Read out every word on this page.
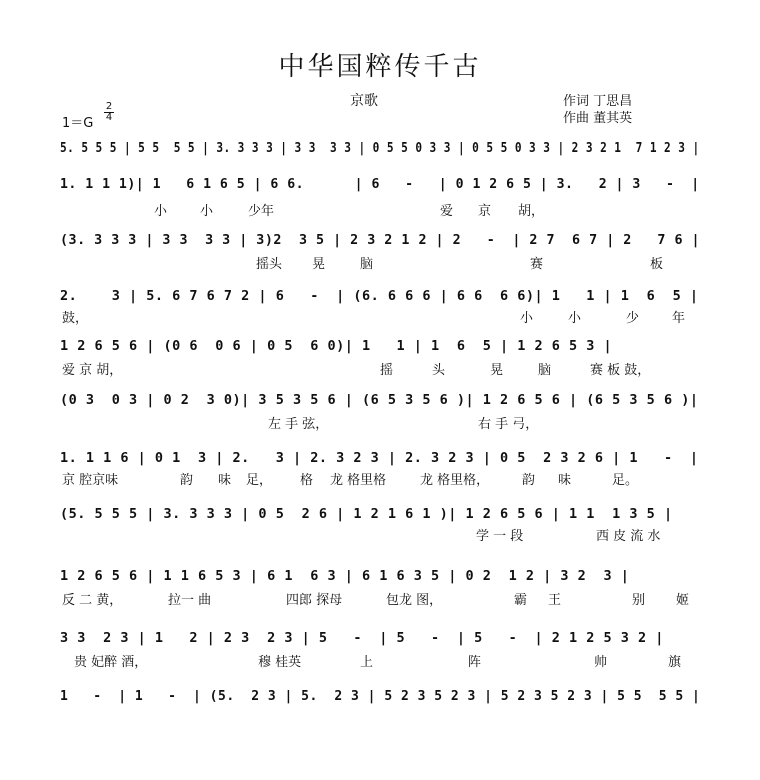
中华国粹传千古
京歌	作词 丁思昌
作曲 董其英
1＝G
2
4
5. 5 5 5 | 5 5  5 5 | 3. 3 3 3 | 3 3  3 3 | 0 5 5 0 3 3 | 0 5 5 0 3 3 | 2 3 2 1  7 1 2 3 |
1. 1 1 1)| 1   6 1 6 5 | 6 6.      | 6   -   | 0 1 2 6 5 | 3.   2 | 3   -  |
(3. 3 3 3 | 3 3  3 3 | 3)2  3 5 | 2 3 2 1 2 | 2   -  | 2 7  6 7 | 2   7 6 |
2.    3 | 5. 6 7 6 7 2 | 6   -  | (6. 6 6 6 | 6 6  6 6)| 1   1 | 1  6  5 |
1 2 6 5 6 | (0 6  0 6 | 0 5  6 0)| 1   1 | 1  6  5 | 1 2 6 5 3 |
(0 3  0 3 | 0 2  3 0)| 3 5 3 5 6 | (6 5 3 5 6 )| 1 2 6 5 6 | (6 5 3 5 6 )|
1. 1 1 6 | 0 1  3 | 2.   3 | 2. 3 2 3 | 2. 3 2 3 | 0 5  2 3 2 6 | 1   -  |
(5. 5 5 5 | 3. 3 3 3 | 0 5  2 6 | 1 2 1 6 1 )| 1 2 6 5 6 | 1 1  1 3 5 |
1 2 6 5 6 | 1 1 6 5 3 | 6 1  6 3 | 6 1 6 3 5 | 0 2  1 2 | 3 2  3 |
3 3  2 3 | 1   2 | 2 3  2 3 | 5   -  | 5   -  | 5   -  | 2 1 2 5 3 2 |
1   -  | 1   -  | (5.  2 3 | 5.  2 3 | 5 2 3 5 2 3 | 5 2 3 5 2 3 | 5 5  5 5 |

小

	小

	少年

	爱

京

胡，

摇头

晃

	脑

	赛

	板

鼓，

	小

	小

	少

	年

爱 京 胡，

	摇

	头

	晃

	脑

	赛 板 鼓，

左 手 弦，

	右 手 弓，

京 腔京味

	韵

味

足，

格

龙 格里格

	龙 格里格，

	韵

味

	足。

学 一 段

	西 皮 流 水

反 二 黄，

	拉一 曲

	四郎 探母

	包龙 图，

	霸

王

	别

姬

贵 妃醉 酒，

	穆 桂英

	上

	阵

	帅

	旗
